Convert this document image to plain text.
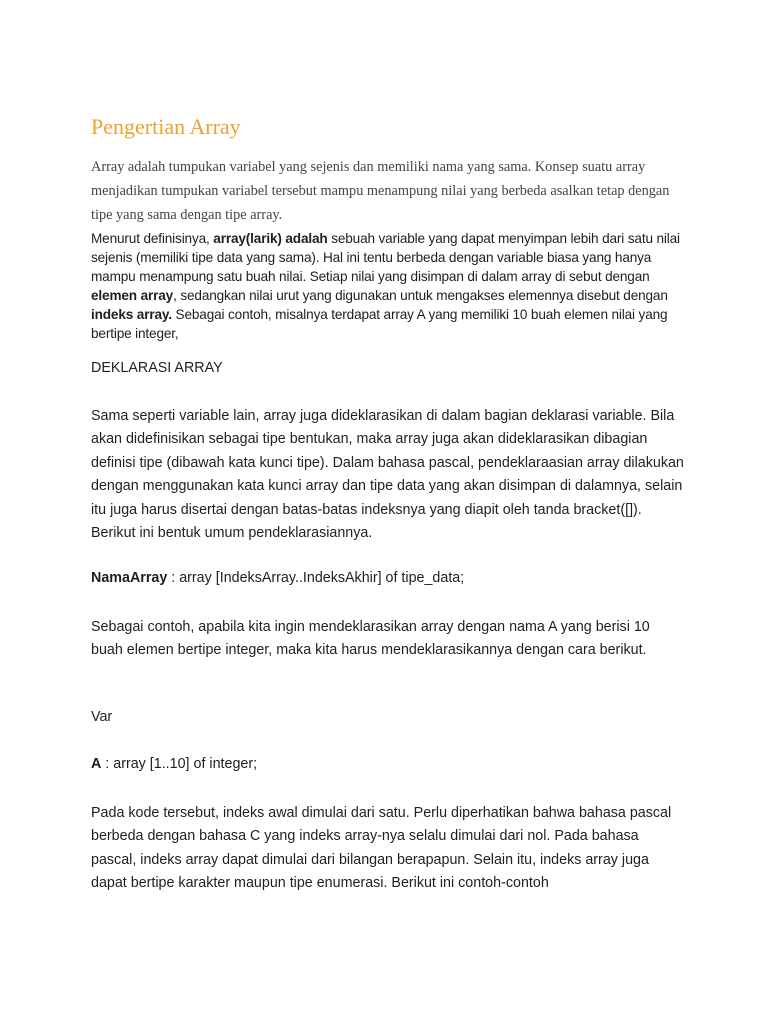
Pengertian Array

Array adalah tumpukan variabel yang sejenis dan memiliki nama yang sama. Konsep suatu array menjadikan tumpukan variabel tersebut mampu menampung nilai yang berbeda asalkan tetap dengan tipe yang sama dengan tipe array.

Menurut definisinya, array(larik) adalah sebuah variable yang dapat menyimpan lebih dari satu nilai sejenis (memiliki tipe data yang sama). Hal ini tentu berbeda dengan variable biasa yang hanya mampu menampung satu buah nilai. Setiap nilai yang disimpan di dalam array di sebut dengan elemen array, sedangkan nilai urut yang digunakan untuk mengakses elemennya disebut dengan indeks array. Sebagai contoh, misalnya terdapat array A yang memiliki 10 buah elemen nilai yang bertipe integer,

DEKLARASI ARRAY

Sama seperti variable lain, array juga dideklarasikan di dalam bagian deklarasi variable. Bila akan didefinisikan sebagai tipe bentukan, maka array juga akan dideklarasikan dibagian definisi tipe (dibawah kata kunci tipe). Dalam bahasa pascal, pendeklaraasian array dilakukan dengan menggunakan kata kunci array dan tipe data yang akan disimpan di dalamnya, selain itu juga harus disertai dengan batas-batas indeksnya yang diapit oleh tanda bracket([]). Berikut ini bentuk umum pendeklarasiannya.

NamaArray : array [IndeksArray..IndeksAkhir] of tipe_data;

Sebagai contoh, apabila kita ingin mendeklarasikan array dengan nama A yang berisi 10 buah elemen bertipe integer, maka kita harus mendeklarasikannya dengan cara berikut.

Var

A : array [1..10] of integer;

Pada kode tersebut, indeks awal dimulai dari satu. Perlu diperhatikan bahwa bahasa pascal berbeda dengan bahasa C yang indeks array-nya selalu dimulai dari nol. Pada bahasa pascal, indeks array dapat dimulai dari bilangan berapapun. Selain itu, indeks array juga dapat bertipe karakter maupun tipe enumerasi. Berikut ini contoh-contoh
